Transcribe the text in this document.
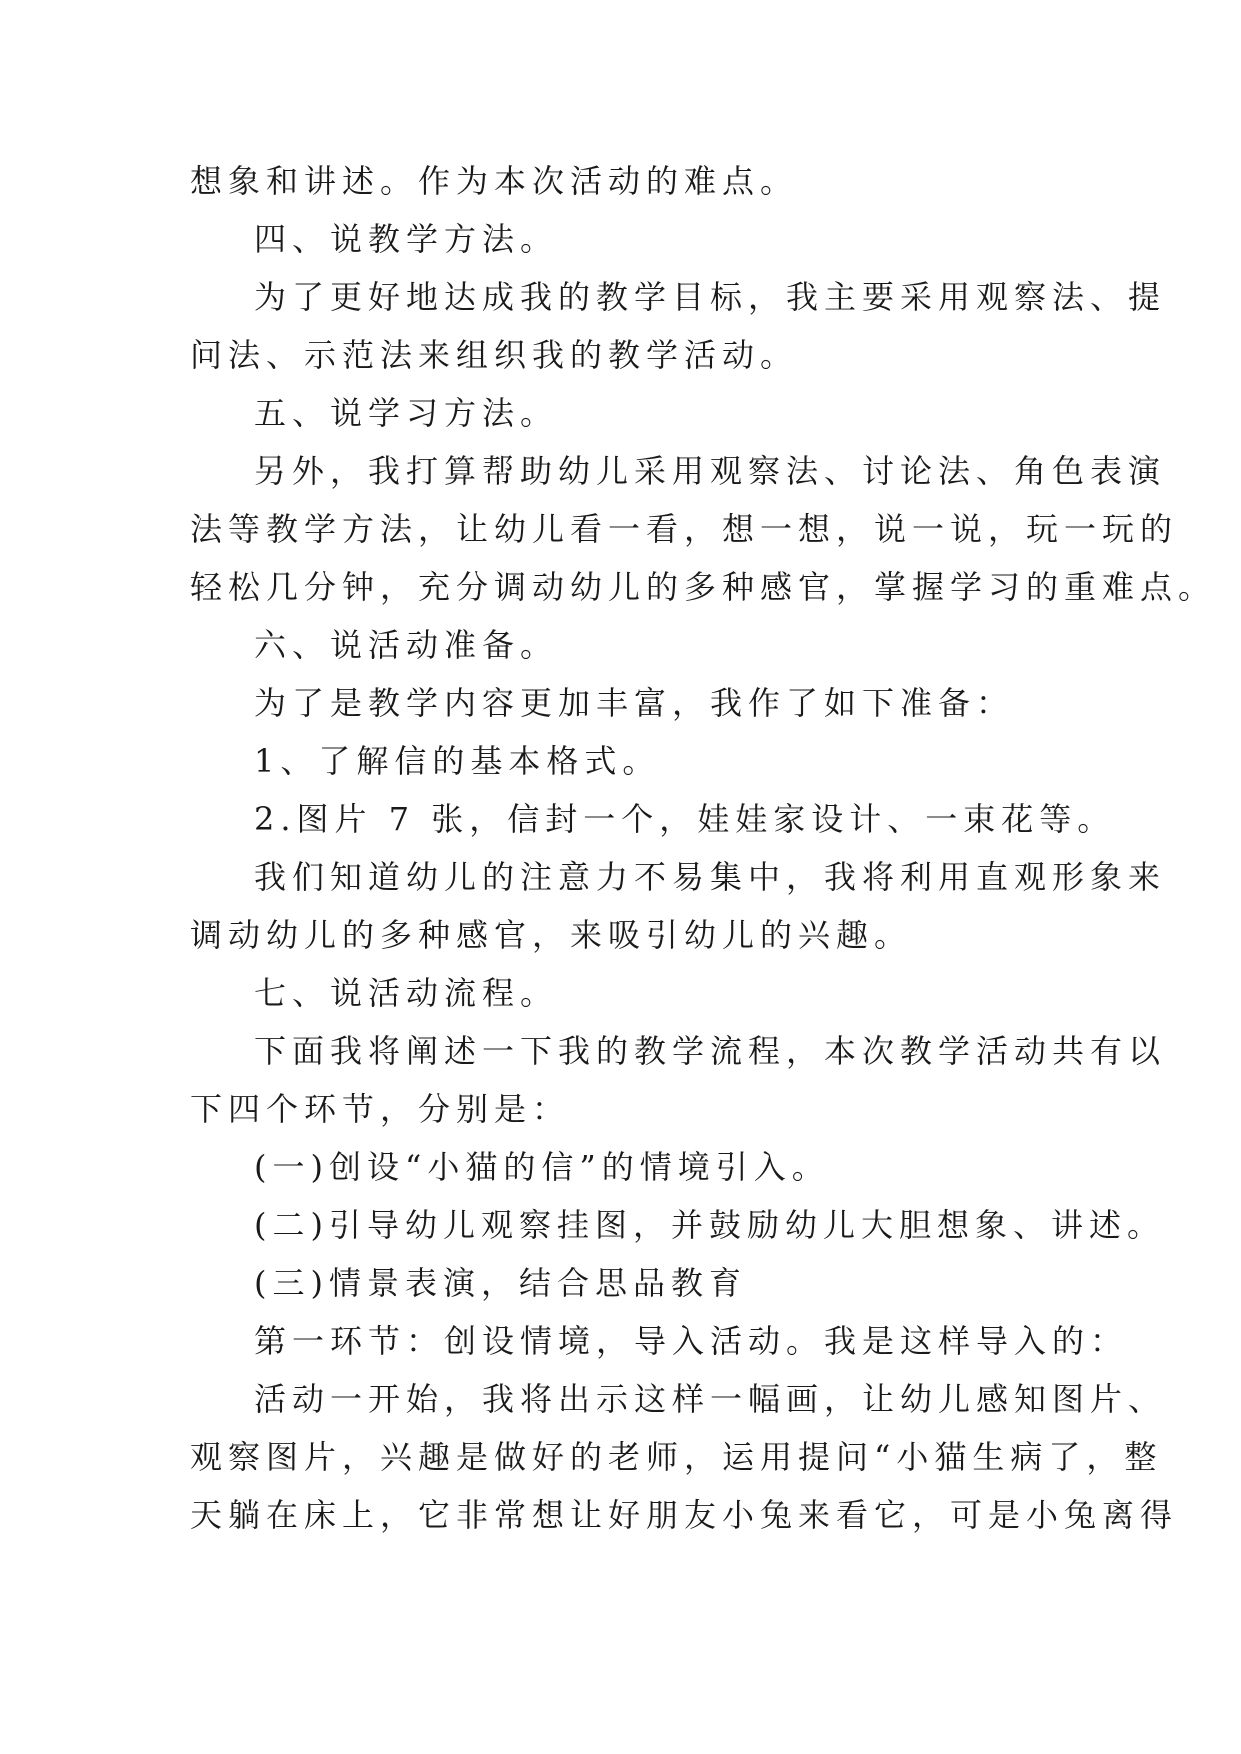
想象和讲述。作为本次活动的难点。
四、说教学方法。
为了更好地达成我的教学目标，我主要采用观察法、提
问法、示范法来组织我的教学活动。
五、说学习方法。
另外，我打算帮助幼儿采用观察法、讨论法、角色表演
法等教学方法，让幼儿看一看，想一想，说一说，玩一玩的
轻松几分钟，充分调动幼儿的多种感官，掌握学习的重难点。
六、说活动准备。
为了是教学内容更加丰富，我作了如下准备：
1、了解信的基本格式。
2.图片 7 张，信封一个，娃娃家设计、一束花等。
我们知道幼儿的注意力不易集中，我将利用直观形象来
调动幼儿的多种感官，来吸引幼儿的兴趣。
七、说活动流程。
下面我将阐述一下我的教学流程，本次教学活动共有以
下四个环节，分别是：
(一)创设“小猫的信”的情境引入。
(二)引导幼儿观察挂图，并鼓励幼儿大胆想象、讲述。
(三)情景表演，结合思品教育
第一环节：创设情境，导入活动。我是这样导入的：
活动一开始，我将出示这样一幅画，让幼儿感知图片、
观察图片，兴趣是做好的老师，运用提问“小猫生病了，整
天躺在床上，它非常想让好朋友小兔来看它，可是小兔离得
